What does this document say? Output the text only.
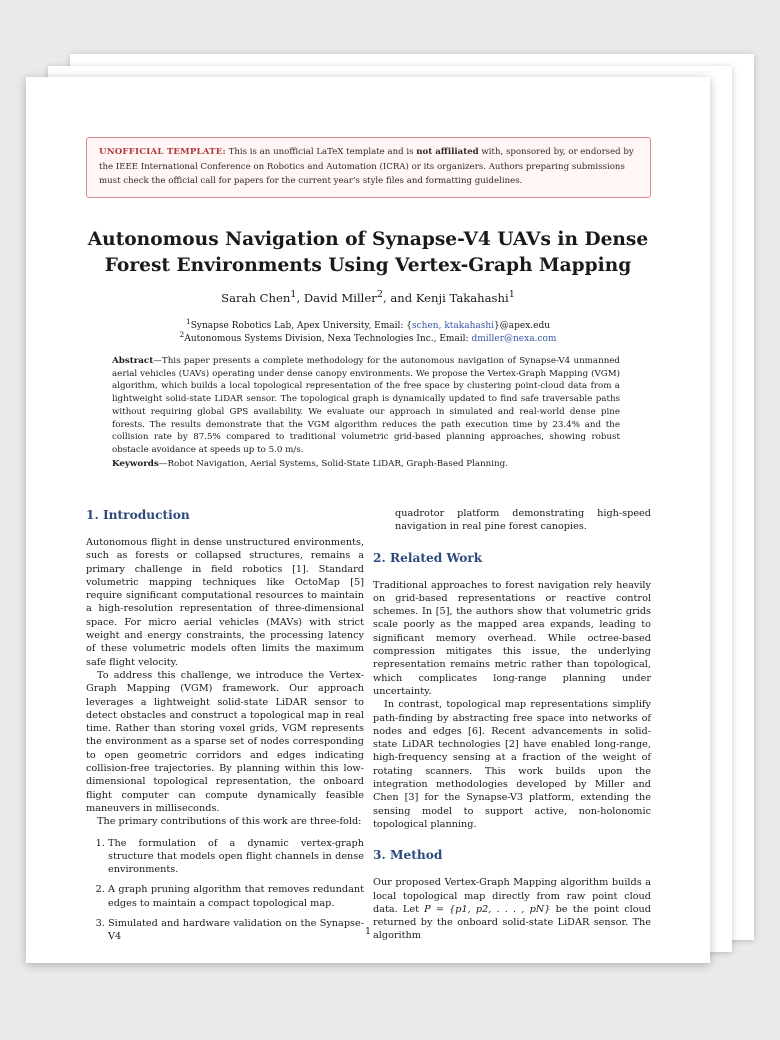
UNOFFICIAL TEMPLATE: This is an unofficial LaTeX template and is not affiliated with, sponsored by, or endorsed by the IEEE International Conference on Robotics and Automation (ICRA) or its organizers. Authors preparing submissions must check the official call for papers for the current year’s style files and formatting guidelines.
Autonomous Navigation of Synapse-V4 UAVs in Dense
Forest Environments Using Vertex-Graph Mapping
Sarah Chen$^1$, David Miller$^2$, and Kenji Takahashi$^1$
$^1$Synapse Robotics Lab, Apex University, Email: {schen, ktakahashi}@apex.edu
$^2$Autonomous Systems Division, Nexa Technologies Inc., Email: dmiller@nexa.com
Abstract—This paper presents a complete methodology for the autonomous navigation of Synapse-V4 unmanned aerial vehicles (UAVs) operating under dense canopy environments. We propose the Vertex-Graph Mapping (VGM) algorithm, which builds a local topological representation of the free space by clustering point-cloud data from a lightweight solid-state LiDAR sensor. The topological graph is dynamically updated to find safe traversable paths without requiring global GPS availability. We evaluate our approach in simulated and real-world dense pine forests. The results demonstrate that the VGM algorithm reduces the path execution time by 23.4% and the collision rate by 87.5% compared to traditional volumetric grid-based planning approaches, showing robust obstacle avoidance at speeds up to 5.0 m/s.
Keywords—Robot Navigation, Aerial Systems, Solid-State LiDAR, Graph-Based Planning.
1. Introduction

Autonomous flight in dense unstructured environments, such as forests or collapsed structures, remains a primary challenge in field robotics [1]. Standard volumetric mapping techniques like OctoMap [5] require significant computational resources to maintain a high-resolution representation of three-dimensional space. For micro aerial vehicles (MAVs) with strict weight and energy constraints, the processing latency of these volumetric models often limits the maximum safe flight velocity.

To address this challenge, we introduce the Vertex-Graph Mapping (VGM) framework. Our approach leverages a lightweight solid-state LiDAR sensor to detect obstacles and construct a topological map in real time. Rather than storing voxel grids, VGM represents the environment as a sparse set of nodes corresponding to open geometric corridors and edges indicating collision-free trajectories. By planning within this low-dimensional topological representation, the onboard flight computer can compute dynamically feasible maneuvers in milliseconds.

The primary contributions of this work are three-fold:

1. The formulation of a dynamic vertex-graph structure that models open flight channels in dense environments.
2. A graph pruning algorithm that removes redundant edges to maintain a compact topological map.
3. Simulated and hardware validation on the Synapse-V4

quadrotor platform demonstrating high-speed navigation in real pine forest canopies.

2. Related Work

Traditional approaches to forest navigation rely heavily on grid-based representations or reactive control schemes. In [5], the authors show that volumetric grids scale poorly as the mapped area expands, leading to significant memory overhead. While octree-based compression mitigates this issue, the underlying representation remains metric rather than topological, which complicates long-range planning under uncertainty.

In contrast, topological map representations simplify path-finding by abstracting free space into networks of nodes and edges [6]. Recent advancements in solid-state LiDAR technologies [2] have enabled long-range, high-frequency sensing at a fraction of the weight of rotating scanners. This work builds upon the integration methodologies developed by Miller and Chen [3] for the Synapse-V3 platform, extending the sensing model to support active, non-holonomic topological planning.

3. Method

Our proposed Vertex-Graph Mapping algorithm builds a local topological map directly from raw point cloud data. Let P = {p1, p2, . . . , pN} be the point cloud returned by the onboard solid-state LiDAR sensor. The algorithm

1
